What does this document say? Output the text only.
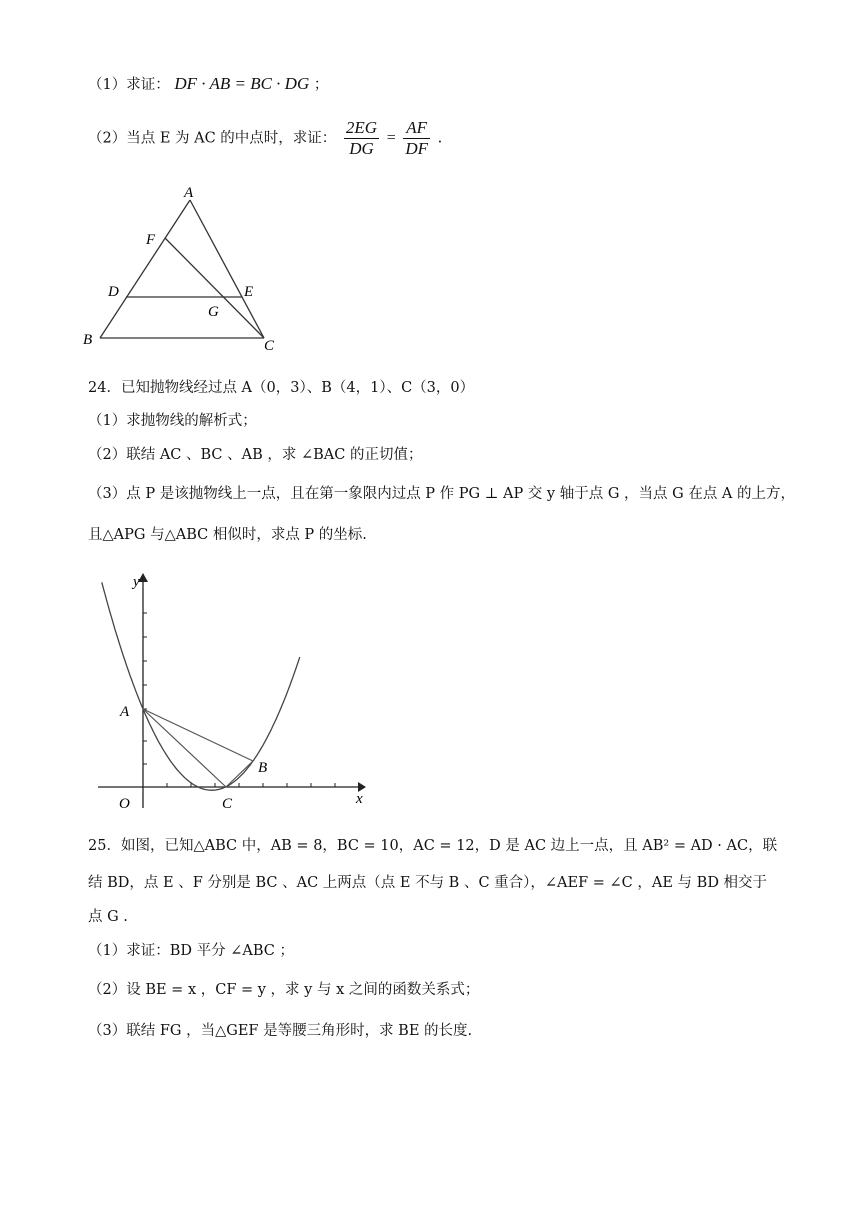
（1）求证： DF · AB = BC · DG ；
（2）当点 E 为 AC 的中点时，求证： $\frac{2EG}{DG} = \frac{AF}{DF}$ .
A
F
D	E
G
B	C
24．已知抛物线经过点 A（0，3）、B（4，1）、C（3，0）
（1）求抛物线的解析式；
（2）联结 AC 、BC 、AB ，求 ∠BAC 的正切值；
（3）点 P 是该抛物线上一点，且在第一象限内过点 P 作 PG ⊥ AP 交 y 轴于点 G ，当点 G 在点 A 的上方，
且△APG 与△ABC 相似时，求点 P 的坐标.
y
x
O
A
B
C
25．如图，已知△ABC 中，AB = 8，BC = 10，AC = 12，D 是 AC 边上一点，且 AB² = AD · AC，联
结 BD，点 E 、F 分别是 BC 、AC 上两点（点 E 不与 B 、C 重合），∠AEF = ∠C ，AE 与 BD 相交于
点 G .
（1）求证：BD 平分 ∠ABC ；
（2）设 BE = x ，CF = y ，求 y 与 x 之间的函数关系式；
（3）联结 FG ，当△GEF 是等腰三角形时，求 BE 的长度.
